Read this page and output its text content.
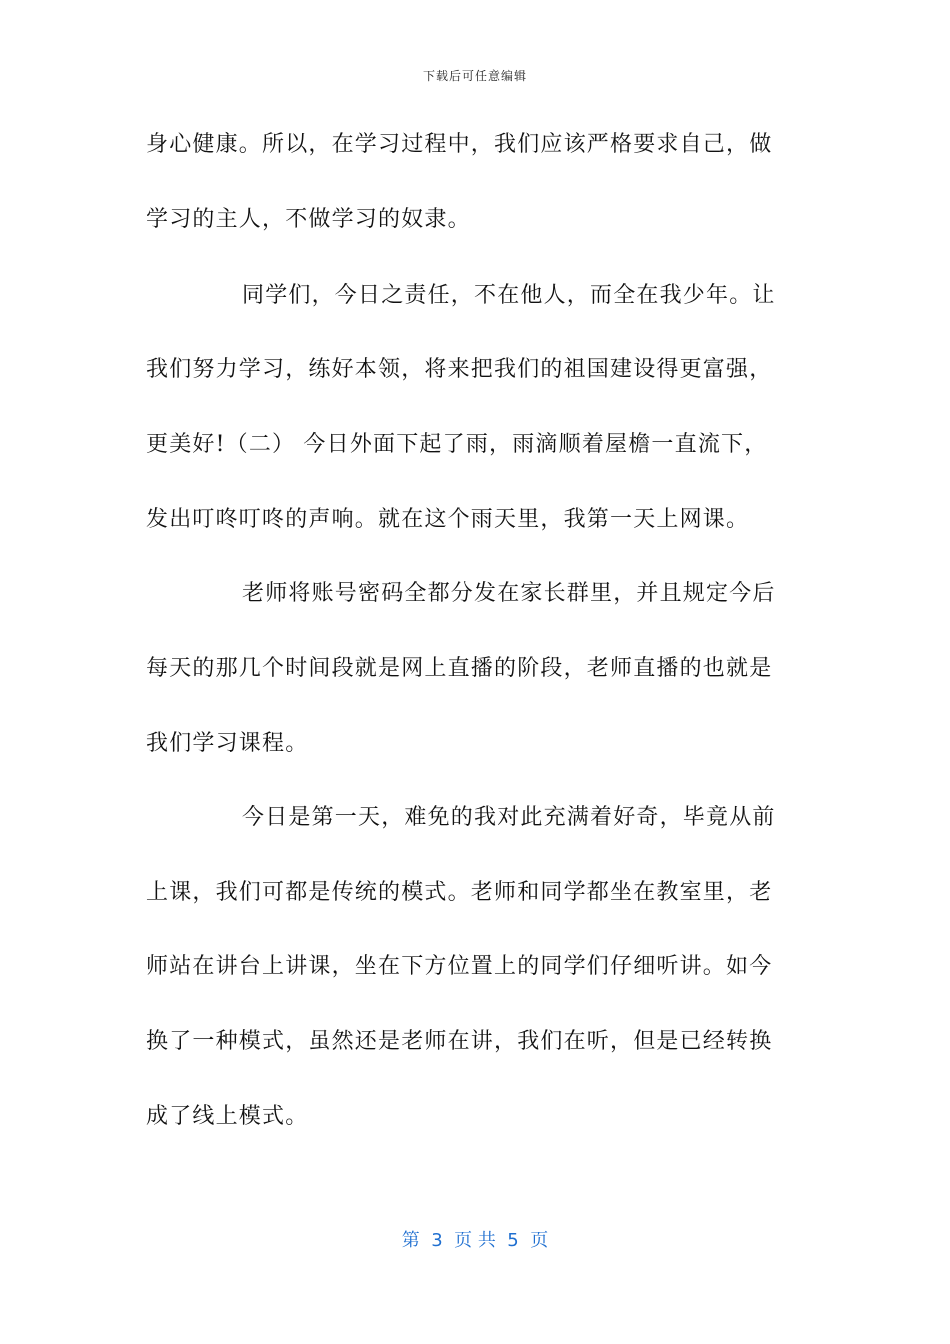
下载后可任意编辑
身心健康。所以，在学习过程中，我们应该严格要求自己，做
学习的主人，不做学习的奴隶。
同学们，今日之责任，不在他人，而全在我少年。让
我们努力学习，练好本领，将来把我们的祖国建设得更富强，
更美好!（二） 今日外面下起了雨，雨滴顺着屋檐一直流下，
发出叮咚叮咚的声响。就在这个雨天里，我第一天上网课。
老师将账号密码全都分发在家长群里，并且规定今后
每天的那几个时间段就是网上直播的阶段，老师直播的也就是
我们学习课程。
今日是第一天，难免的我对此充满着好奇，毕竟从前
上课，我们可都是传统的模式。老师和同学都坐在教室里，老
师站在讲台上讲课，坐在下方位置上的同学们仔细听讲。如今
换了一种模式，虽然还是老师在讲，我们在听，但是已经转换
成了线上模式。
第  3  页 共  5  页
